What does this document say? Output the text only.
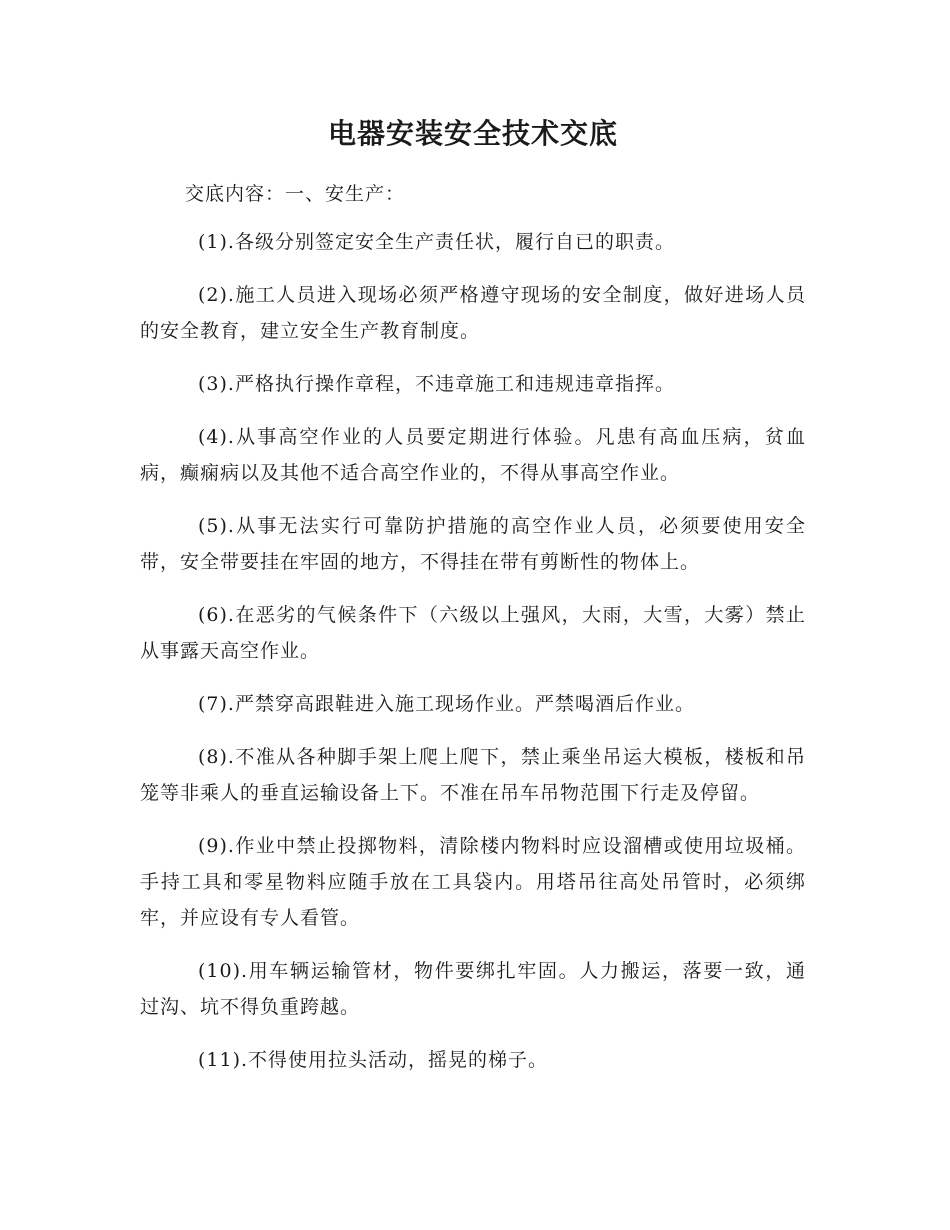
电器安装安全技术交底

交底内容：一、安生产：

(1).各级分别签定安全生产责任状，履行自已的职责。

(2).施工人员进入现场必须严格遵守现场的安全制度，做好进场人员的安全教育，建立安全生产教育制度。

(3).严格执行操作章程，不违章施工和违规违章指挥。

(4).从事高空作业的人员要定期进行体验。凡患有高血压病，贫血病，癫痫病以及其他不适合高空作业的，不得从事高空作业。

(5).从事无法实行可靠防护措施的高空作业人员，必须要使用安全带，安全带要挂在牢固的地方，不得挂在带有剪断性的物体上。

(6).在恶劣的气候条件下（六级以上强风，大雨，大雪，大雾）禁止从事露天高空作业。

(7).严禁穿高跟鞋进入施工现场作业。严禁喝酒后作业。

(8).不准从各种脚手架上爬上爬下，禁止乘坐吊运大模板，楼板和吊笼等非乘人的垂直运输设备上下。不准在吊车吊物范围下行走及停留。

(9).作业中禁止投掷物料，清除楼内物料时应设溜槽或使用垃圾桶。手持工具和零星物料应随手放在工具袋内。用塔吊往高处吊管时，必须绑牢，并应设有专人看管。

(10).用车辆运输管材，物件要绑扎牢固。人力搬运，落要一致，通过沟、坑不得负重跨越。

(11).不得使用拉头活动，摇晃的梯子。
